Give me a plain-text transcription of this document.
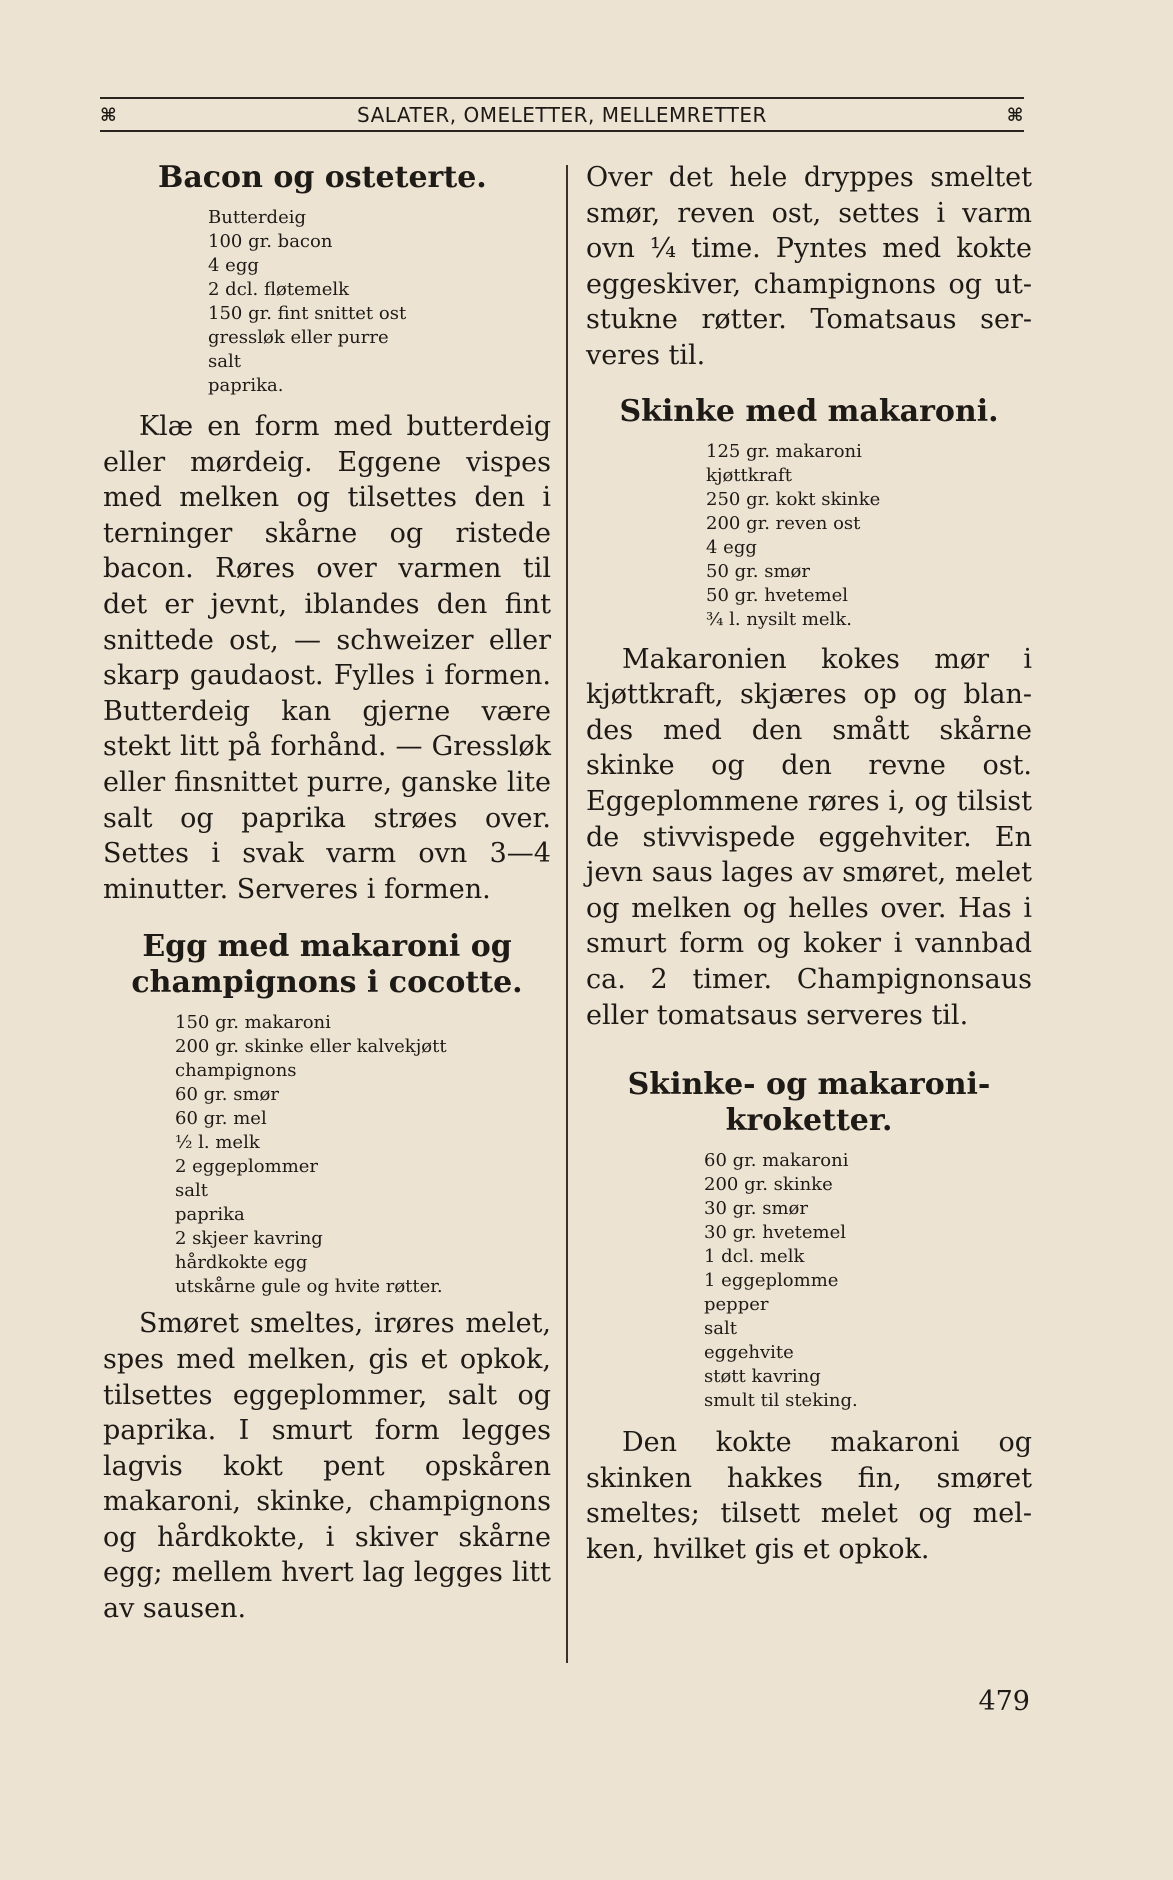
⌘	SALATER, OMELETTER, MELLEMRETTER	⌘
Bacon og osteterte.
Butterdeig
100 gr. bacon
4 egg
2 dcl. fløtemelk
150 gr. fint snittet ost
gressløk eller purre
salt
paprika.

Klæ en form med butterdeig eller mørdeig. Eggene vispes med melken og tilsettes den i terninger skårne og ristede bacon. Røres over varmen til det er jevnt, iblandes den fint snittede ost, — schweizer eller skarp gaudaost. Fylles i formen. Butterdeig kan gjerne være stekt litt på forhånd. — Gressløk eller finsnittet purre, ganske lite salt og paprika strøes over. Settes i svak varm ovn 3—4 minutter. Serveres i formen.

Egg med makaroni og
champignons i cocotte.
150 gr. makaroni
200 gr. skinke eller kalvekjøtt
champignons
60 gr. smør
60 gr. mel
½ l. melk
2 eggeplommer
salt
paprika
2 skjeer kavring
hårdkokte egg
utskårne gule og hvite røtter.

Smøret smeltes, irøres melet, spes med melken, gis et opkok, tilsettes eggeplommer, salt og paprika. I smurt form legges lagvis kokt pent opskåren makaroni, skinke, champignons og hårdkokte, i skiver skårne egg; mellem hvert lag legges litt av sausen.

Over det hele dryppes smeltet smør, reven ost, settes i varm ovn ¼ time. Pyntes med kokte eggeskiver, champignons og utstukne røtter. Tomatsaus serveres til.

Skinke med makaroni.
125 gr. makaroni
kjøttkraft
250 gr. kokt skinke
200 gr. reven ost
4 egg
50 gr. smør
50 gr. hvetemel
¾ l. nysilt melk.

Makaronien kokes mør i kjøttkraft, skjæres op og blandes med den smått skårne skinke og den revne ost. Eggeplommene røres i, og tilsist de stivvispede eggehviter. En jevn saus lages av smøret, melet og melken og helles over. Has i smurt form og koker i vannbad ca. 2 timer. Champignonsaus eller tomatsaus serveres til.

Skinke- og makaroni-
kroketter.
60 gr. makaroni
200 gr. skinke
30 gr. smør
30 gr. hvetemel
1 dcl. melk
1 eggeplomme
pepper
salt
eggehvite
støtt kavring
smult til steking.

Den kokte makaroni og skinken hakkes fin, smøret smeltes; tilsett melet og melken, hvilket gis et opkok.

479
